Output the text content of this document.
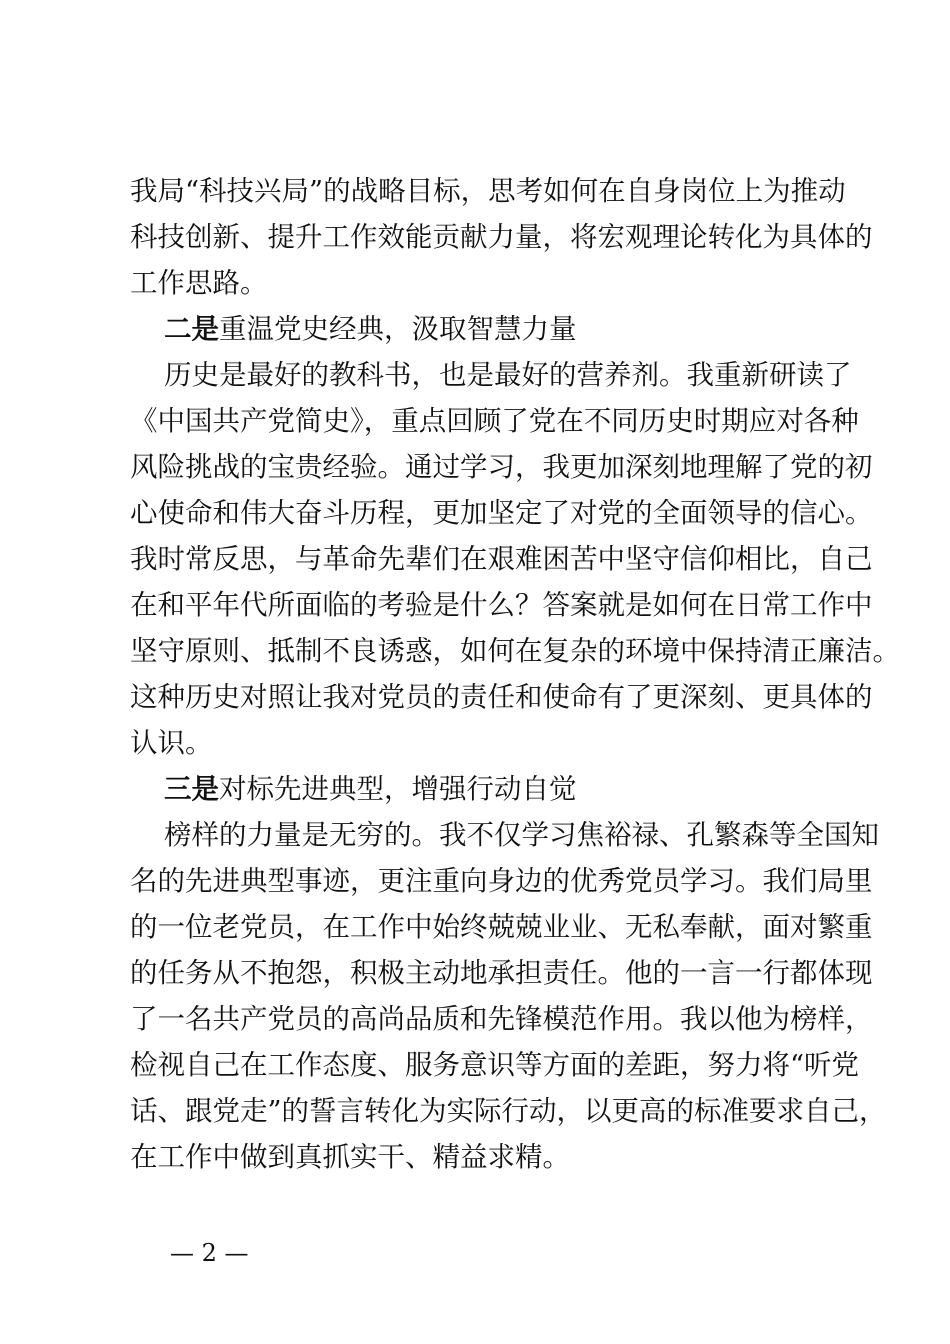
我局“科技兴局”的战略目标，思考如何在自身岗位上为推动
科技创新、提升工作效能贡献力量，将宏观理论转化为具体的
工作思路。
二是重温党史经典，汲取智慧力量
历史是最好的教科书，也是最好的营养剂。我重新研读了
《中国共产党简史》，重点回顾了党在不同历史时期应对各种
风险挑战的宝贵经验。通过学习，我更加深刻地理解了党的初
心使命和伟大奋斗历程，更加坚定了对党的全面领导的信心。
我时常反思，与革命先辈们在艰难困苦中坚守信仰相比，自己
在和平年代所面临的考验是什么？答案就是如何在日常工作中
坚守原则、抵制不良诱惑，如何在复杂的环境中保持清正廉洁。
这种历史对照让我对党员的责任和使命有了更深刻、更具体的
认识。
三是对标先进典型，增强行动自觉
榜样的力量是无穷的。我不仅学习焦裕禄、孔繁森等全国知
名的先进典型事迹，更注重向身边的优秀党员学习。我们局里
的一位老党员，在工作中始终兢兢业业、无私奉献，面对繁重
的任务从不抱怨，积极主动地承担责任。他的一言一行都体现
了一名共产党员的高尚品质和先锋模范作用。我以他为榜样，
检视自己在工作态度、服务意识等方面的差距，努力将“听党
话、跟党走”的誓言转化为实际行动，以更高的标准要求自己，
在工作中做到真抓实干、精益求精。
— 2 —
